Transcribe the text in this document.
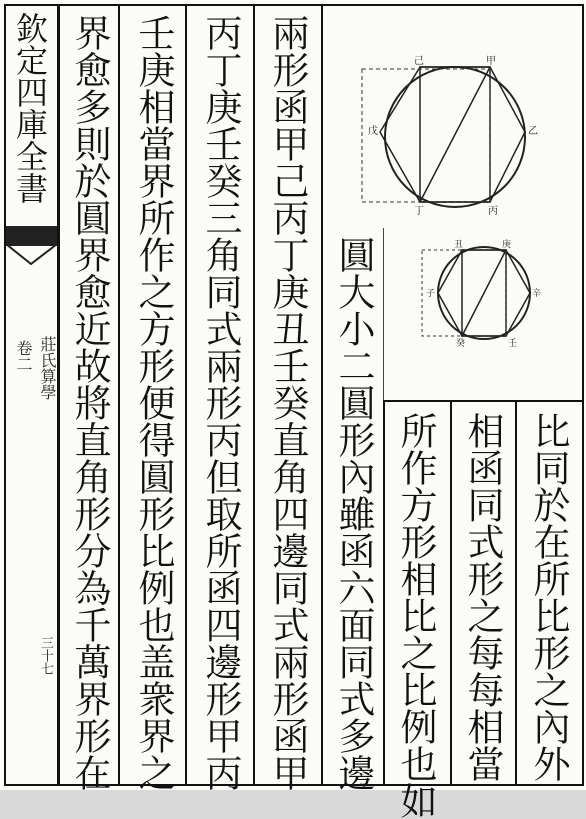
欽定四庫全書
莊氏算學
卷二
三十七 界愈多則於圓界愈近故將直角形分為千萬界形在 壬庚相當界所作之方形便得圓形比例也盖衆界之 丙丁庚壬癸三角同式兩形丙但取所函四邊形甲丙 兩形函甲己丙丁庚丑壬癸直角四邊同式兩形函甲 圓大小二圓形內雖函六面同式多邊 所作方形相比之比例也如 相函同式形之每每相當 比同於在所比形之內外
甲
乙
丙
丁
戊
己
庚
辛
壬
癸
子
丑
